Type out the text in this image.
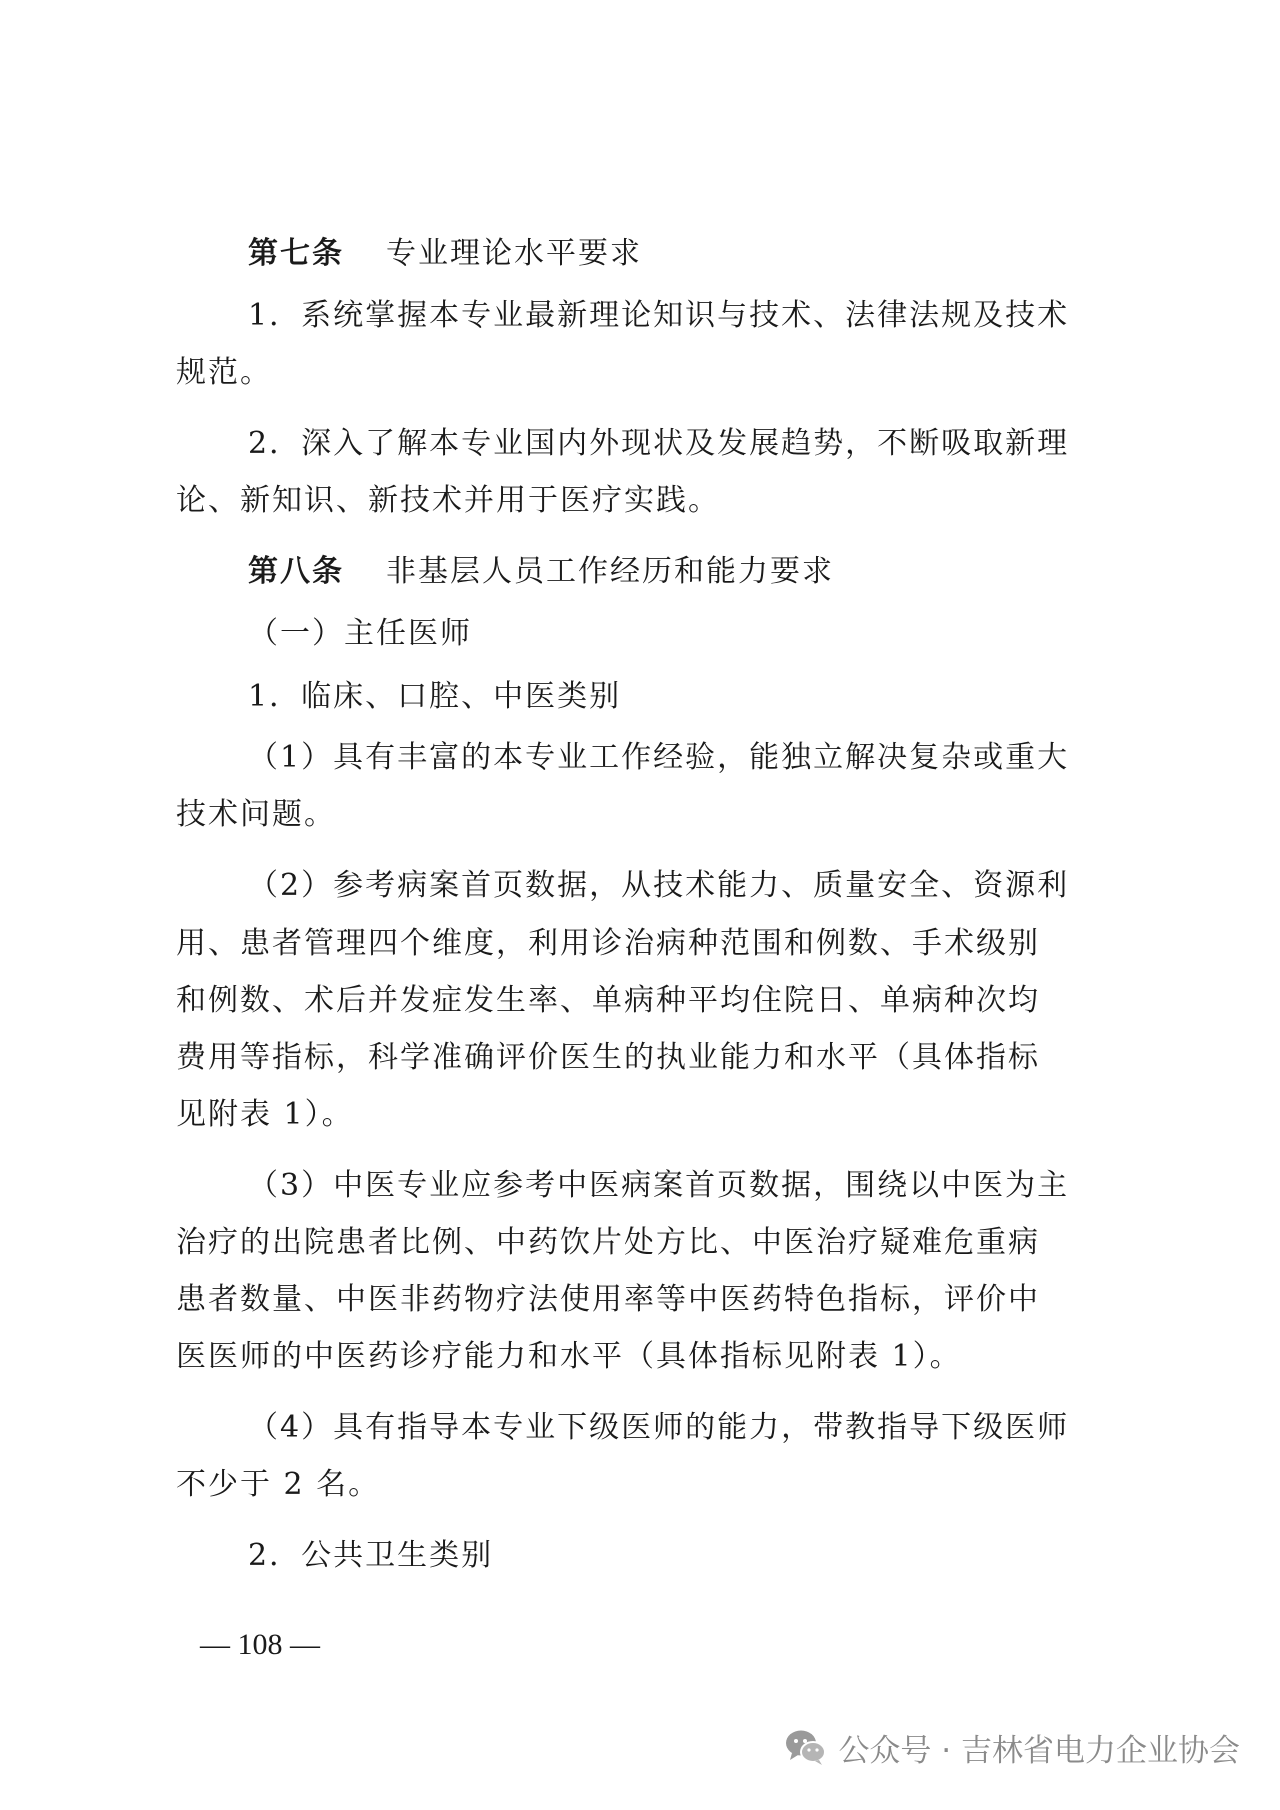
第七条 专业理论水平要求
1．系统掌握本专业最新理论知识与技术、法律法规及技术
规范。
2．深入了解本专业国内外现状及发展趋势，不断吸取新理
论、新知识、新技术并用于医疗实践。
第八条 非基层人员工作经历和能力要求
（一）主任医师
1．临床、口腔、中医类别
（1）具有丰富的本专业工作经验，能独立解决复杂或重大
技术问题。
（2）参考病案首页数据，从技术能力、质量安全、资源利
用、患者管理四个维度，利用诊治病种范围和例数、手术级别
和例数、术后并发症发生率、单病种平均住院日、单病种次均
费用等指标，科学准确评价医生的执业能力和水平（具体指标
见附表 1）。
（3）中医专业应参考中医病案首页数据，围绕以中医为主
治疗的出院患者比例、中药饮片处方比、中医治疗疑难危重病
患者数量、中医非药物疗法使用率等中医药特色指标，评价中
医医师的中医药诊疗能力和水平（具体指标见附表 1）。
（4）具有指导本专业下级医师的能力，带教指导下级医师
不少于 2 名。
2．公共卫生类别
— 108 —
公众号 · 吉林省电力企业协会
